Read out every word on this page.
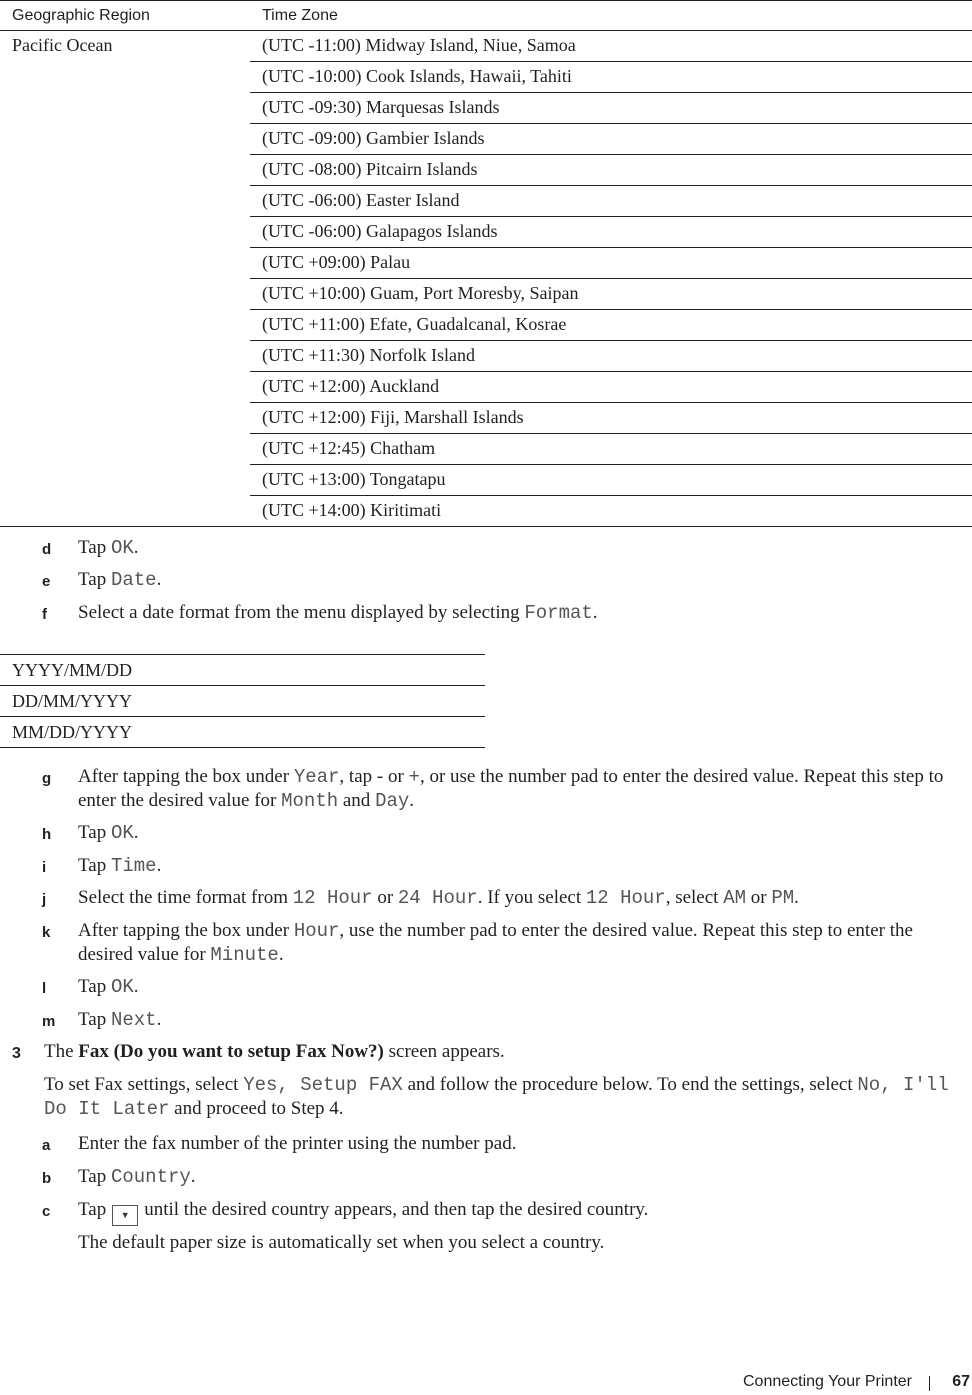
Geographic Region	Time Zone
Pacific Ocean	(UTC -11:00) Midway Island, Niue, Samoa
	(UTC -10:00) Cook Islands, Hawaii, Tahiti
	(UTC -09:30) Marquesas Islands
	(UTC -09:00) Gambier Islands
	(UTC -08:00) Pitcairn Islands
	(UTC -06:00) Easter Island
	(UTC -06:00) Galapagos Islands
	(UTC +09:00) Palau
	(UTC +10:00) Guam, Port Moresby, Saipan
	(UTC +11:00) Efate, Guadalcanal, Kosrae
	(UTC +11:30) Norfolk Island
	(UTC +12:00) Auckland
	(UTC +12:00) Fiji, Marshall Islands
	(UTC +12:45) Chatham
	(UTC +13:00) Tongatapu
	(UTC +14:00) Kiritimati
d Tap OK.
e Tap Date.
f	Select a date format from the menu displayed by selecting Format.
YYYY/MM/DD
DD/MM/YYYY
MM/DD/YYYY
g After tapping the box under Year, tap - or +, or use the number pad to enter the desired value. Repeat this step to enter the desired value for Month and Day.
h Tap OK.
i	Tap Time.
j	Select the time format from 12 Hour or 24 Hour. If you select 12 Hour, select AM or PM.
k After tapping the box under Hour, use the number pad to enter the desired value. Repeat this step to enter the desired value for Minute.
l	Tap OK.
m Tap Next.
3 The Fax (Do you want to setup Fax Now?) screen appears.
To set Fax settings, select Yes, Setup FAX and follow the procedure below. To end the settings, select No, I'll Do It Later and proceed to Step 4.
a Enter the fax number of the printer using the number pad.
b Tap Country.
c Tap ▼ until the desired country appears, and then tap the desired country.
The default paper size is automatically set when you select a country.
Connecting Your Printer	67
